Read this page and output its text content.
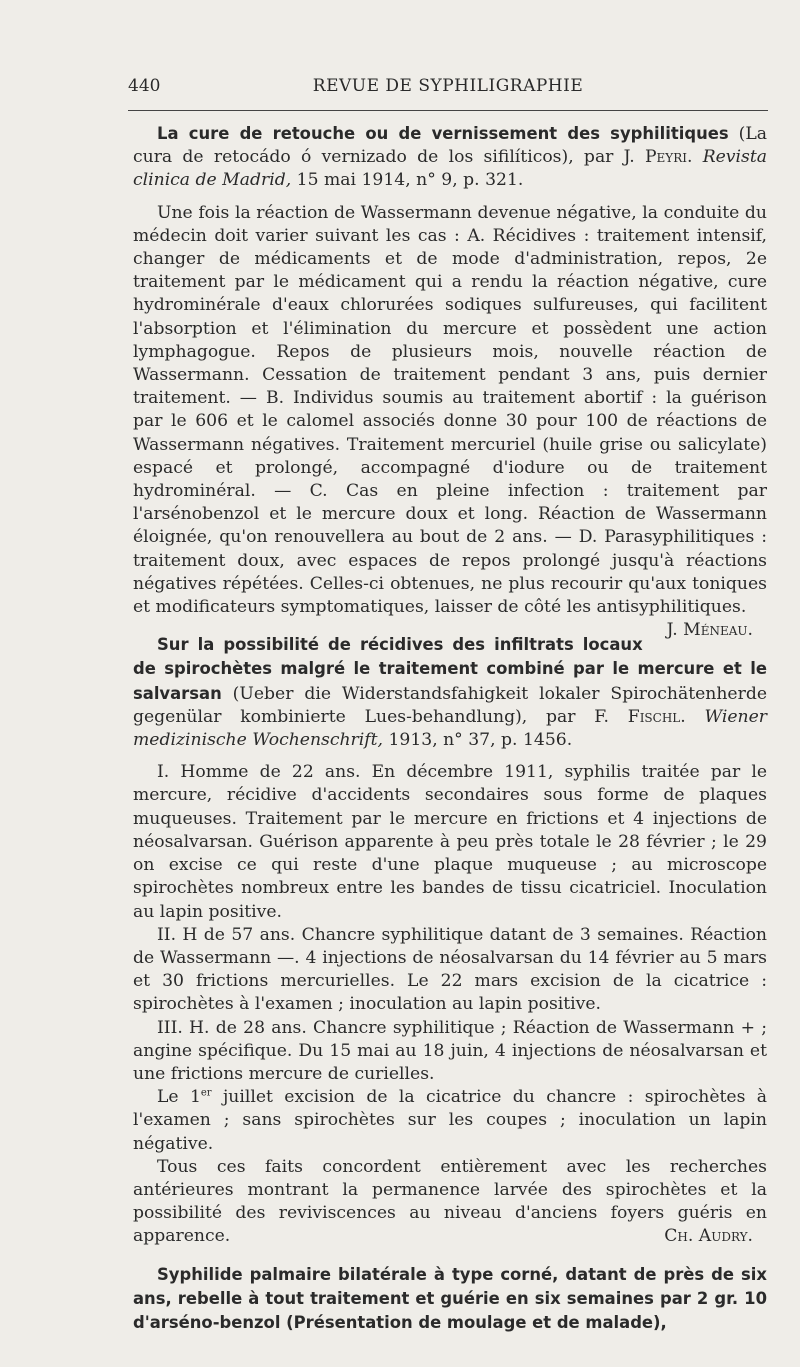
440	REVUE DE SYPHILIGRAPHIE

La cure de retouche ou de vernissement des syphilitiques (La cura de retocádo ó vernizado de los sifilíticos), par J. Peyri. Revista clinica de Madrid, 15 mai 1914, n° 9, p. 321.

Une fois la réaction de Wassermann devenue négative, la conduite du médecin doit varier suivant les cas : A. Récidives : traitement intensif, changer de médicaments et de mode d'administration, repos, 2e traitement par le médicament qui a rendu la réaction négative, cure hydrominérale d'eaux chlorurées sodiques sulfureuses, qui facilitent l'absorption et l'élimination du mercure et possèdent une action lymphagogue. Repos de plusieurs mois, nouvelle réaction de Wassermann. Cessation de traitement pendant 3 ans, puis dernier traitement. — B. Individus soumis au traitement abortif : la guérison par le 606 et le calomel associés donne 30 pour 100 de réactions de Wassermann négatives. Traitement mercuriel (huile grise ou salicylate) espacé et prolongé, accompagné d'iodure ou de traitement hydrominéral. — C. Cas en pleine infection : traitement par l'arsénobenzol et le mercure doux et long. Réaction de Wassermann éloignée, qu'on renouvellera au bout de 2 ans. — D. Parasyphilitiques : traitement doux, avec espaces de repos prolongé jusqu'à réactions négatives répétées. Celles-ci obtenues, ne plus recourir qu'aux toniques et modificateurs symptomatiques, laisser de côté les antisyphilitiques.
J. Méneau.

Sur la possibilité de récidives des infiltrats locaux de spirochètes malgré le traitement combiné par le mercure et le salvarsan (Ueber die Widerstandsfahigkeit lokaler Spirochätenherde gegenülar kombinierte Lues-behandlung), par F. Fischl. Wiener medizinische Wochenschrift, 1913, n° 37, p. 1456.

I. Homme de 22 ans. En décembre 1911, syphilis traitée par le mercure, récidive d'accidents secondaires sous forme de plaques muqueuses. Traitement par le mercure en frictions et 4 injections de néosalvarsan. Guérison apparente à peu près totale le 28 février ; le 29 on excise ce qui reste d'une plaque muqueuse ; au microscope spirochètes nombreux entre les bandes de tissu cicatriciel. Inoculation au lapin positive.

II. H de 57 ans. Chancre syphilitique datant de 3 semaines. Réaction de Wassermann —. 4 injections de néosalvarsan du 14 février au 5 mars et 30 frictions mercurielles. Le 22 mars excision de la cicatrice : spirochètes à l'examen ; inoculation au lapin positive.

III. H. de 28 ans. Chancre syphilitique ; Réaction de Wassermann + ; angine spécifique. Du 15 mai au 18 juin, 4 injections de néosalvarsan et une frictions mercure de curielles.

Le 1er juillet excision de la cicatrice du chancre : spirochètes à l'examen ; sans spirochètes sur les coupes ; inoculation un lapin négative.

Tous ces faits concordent entièrement avec les recherches antérieures montrant la permanence larvée des spirochètes et la possibilité des reviviscences au niveau d'anciens foyers guéris en apparence.	Ch. Audry.

Syphilide palmaire bilatérale à type corné, datant de près de six ans, rebelle à tout traitement et guérie en six semaines par 2 gr. 10 d'arséno-benzol (Présentation de moulage et de malade),
